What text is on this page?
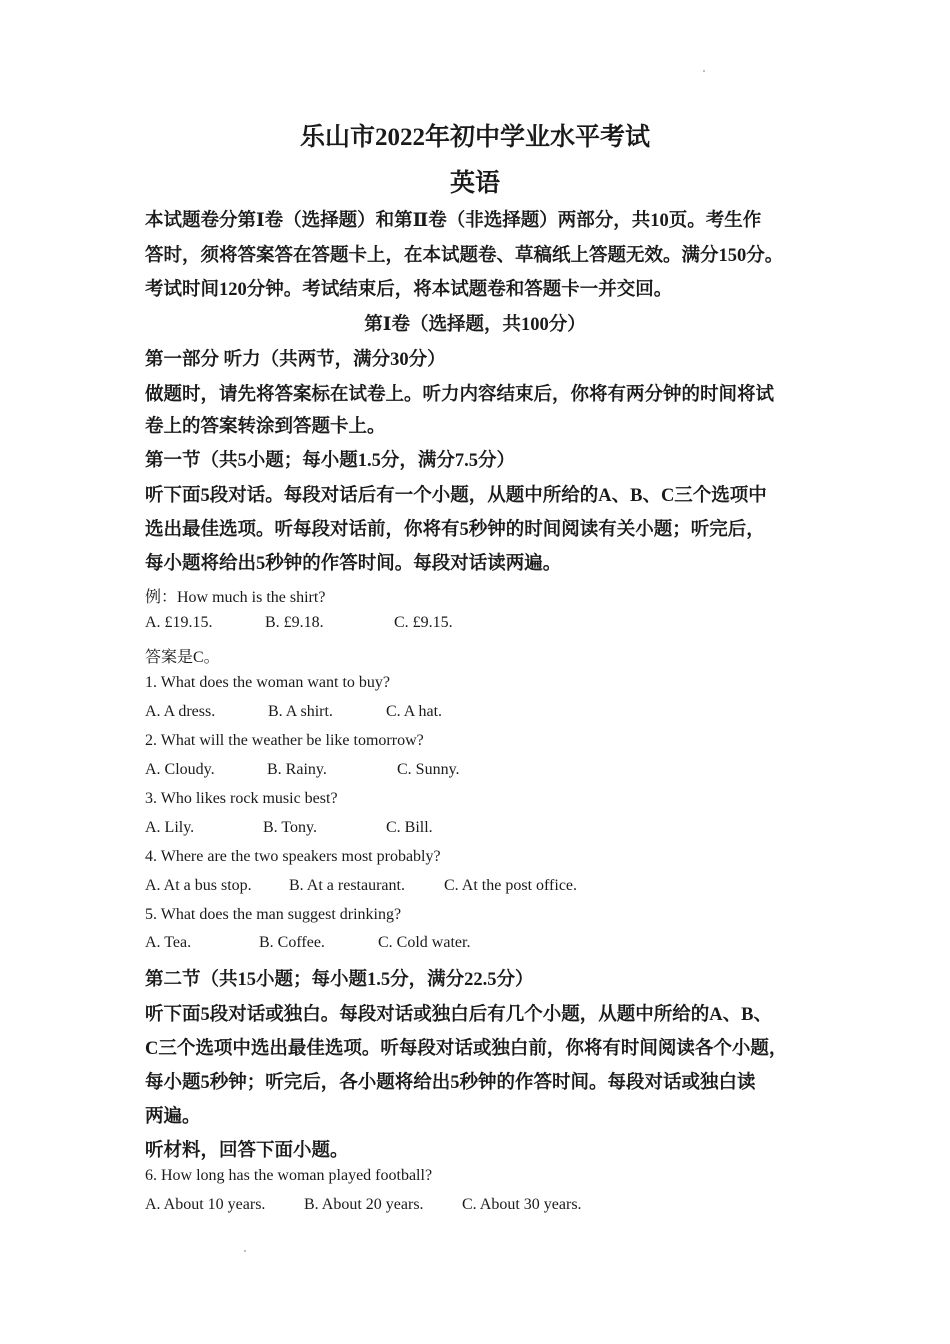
乐山市2022年初中学业水平考试
英语
本试题卷分第Ⅰ卷（选择题）和第Ⅱ卷（非选择题）两部分，共10页。考生作
答时，须将答案答在答题卡上，在本试题卷、草稿纸上答题无效。满分150分。
考试时间120分钟。考试结束后，将本试题卷和答题卡一并交回。
第Ⅰ卷（选择题，共100分）
第一部分 听力（共两节，满分30分）
做题时，请先将答案标在试卷上。听力内容结束后，你将有两分钟的时间将试
卷上的答案转涂到答题卡上。
第一节（共5小题；每小题1.5分，满分7.5分）
听下面5段对话。每段对话后有一个小题，从题中所给的A、B、C三个选项中
选出最佳选项。听每段对话前，你将有5秒钟的时间阅读有关小题；听完后，
每小题将给出5秒钟的作答时间。每段对话读两遍。
例：How much is the shirt?
A. £19.15.	B. £9.18.	C. £9.15.
答案是C。
1. What does the woman want to buy?
A. A dress.	B. A shirt.	C. A hat.
2. What will the weather be like tomorrow?
A. Cloudy.	B. Rainy.	C. Sunny.
3. Who likes rock music best?
A. Lily.	B. Tony.	C. Bill.
4. Where are the two speakers most probably?
A. At a bus stop. B. At a restaurant. C. At the post office.
5. What does the man suggest drinking?
A. Tea.	B. Coffee.	C. Cold water.
第二节（共15小题；每小题1.5分，满分22.5分）
听下面5段对话或独白。每段对话或独白后有几个小题，从题中所给的A、B、
C三个选项中选出最佳选项。听每段对话或独白前，你将有时间阅读各个小题，
每小题5秒钟；听完后，各小题将给出5秒钟的作答时间。每段对话或独白读
两遍。
听材料，回答下面小题。
6. How long has the woman played football?
A. About 10 years. B. About 20 years. C. About 30 years.
